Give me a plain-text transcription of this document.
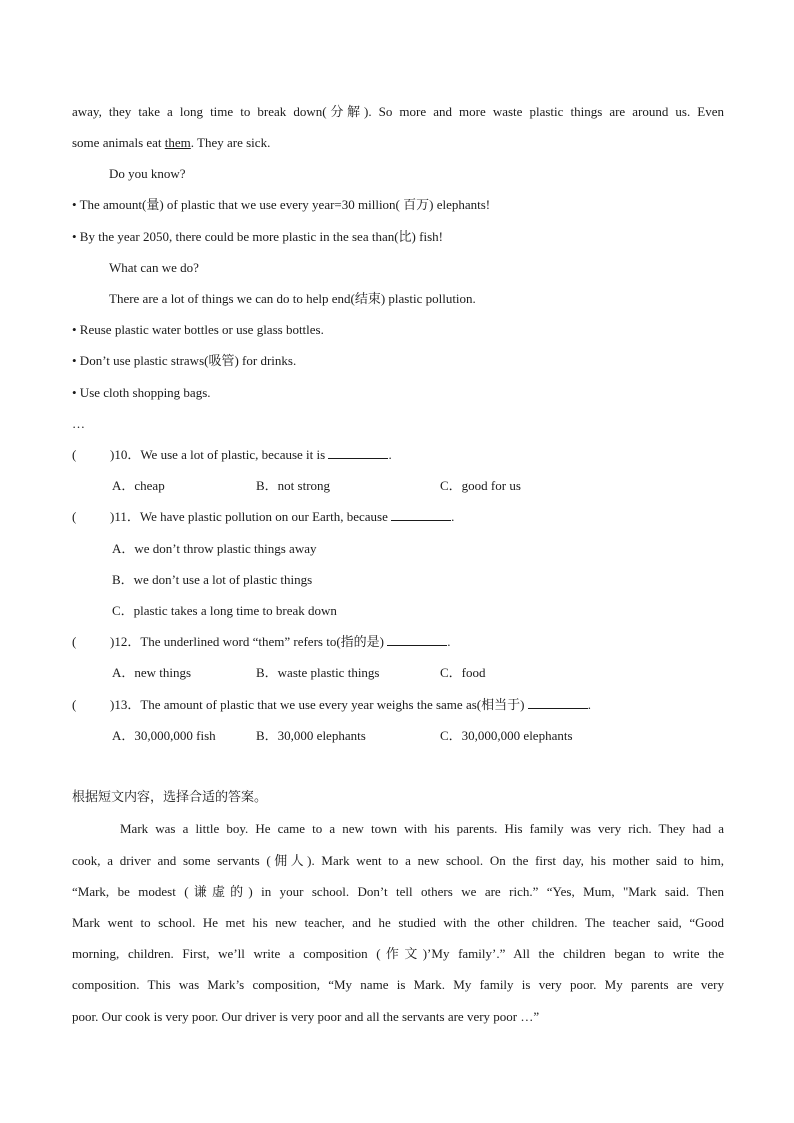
away, they take a long time to break down(分解). So more and more waste plastic things are around us. Even
some animals eat them. They are sick.
Do you know?
• The amount(量) of plastic that we use every year=30 million( 百万) elephants!
• By the year 2050, there could be more plastic in the sea than(比) fish!
What can we do?
There are a lot of things we can do to help end(结束) plastic pollution.
• Reuse plastic water bottles or use glass bottles.
• Don’t use plastic straws(吸管) for drinks.
• Use cloth shopping bags.
…
(	)10．We use a lot of plastic, because it is	.
A．cheap	B．not strong	C．good for us
(	)11．We have plastic pollution on our Earth, because	.
A．we don’t throw plastic things away
B．we don’t use a lot of plastic things
C．plastic takes a long time to break down
(	)12．The underlined word “them” refers to(指的是)	.
A．new things	B．waste plastic things	C．food
(	)13．The amount of plastic that we use every year weighs the same as(相当于)	.
A．30,000,000 fish	B．30,000 elephants	C．30,000,000 elephants
根据短文内容，选择合适的答案。
Mark was a little boy. He came to a new town with his parents. His family was very rich. They had a
cook, a driver and some servants (佣人). Mark went to a new school. On the first day, his mother said to him,
“Mark, be modest (谦虚的) in your school. Don’t tell others we are rich.” “Yes, Mum, "Mark said. Then
Mark went to school. He met his new teacher, and he studied with the other children. The teacher said, “Good
morning, children. First, we’ll write a composition (作文)’My family’.” All the children began to write the
composition. This was Mark’s composition, “My name is Mark. My family is very poor. My parents are very
poor. Our cook is very poor. Our driver is very poor and all the servants are very poor …”
